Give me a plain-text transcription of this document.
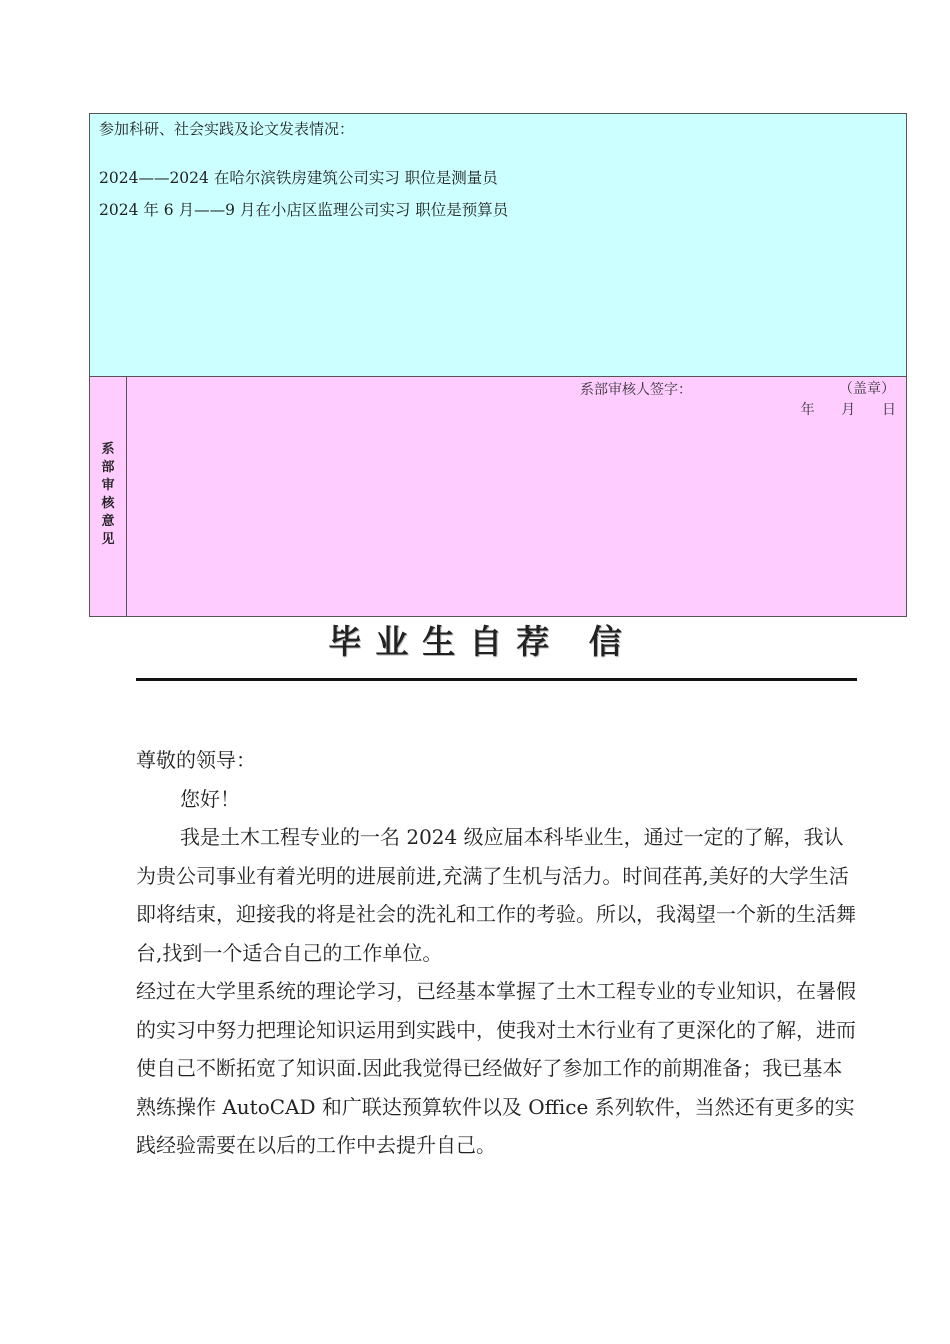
参加科研、社会实践及论文发表情况：
2024——2024 在哈尔滨铁房建筑公司实习 职位是测量员
2024 年 6 月——9 月在小店区监理公司实习 职位是预算员
系
部
审
核
意
见
系部审核人签字：	（盖章）
年      月      日
毕业生自荐 信

尊敬的领导：

您好！

我是土木工程专业的一名 2024 级应届本科毕业生，通过一定的了解，我认为贵公司事业有着光明的进展前进,充满了生机与活力。时间荏苒,美好的大学生活即将结束，迎接我的将是社会的洗礼和工作的考验。所以，我渴望一个新的生活舞台,找到一个适合自己的工作单位。

经过在大学里系统的理论学习，已经基本掌握了土木工程专业的专业知识，在暑假的实习中努力把理论知识运用到实践中，使我对土木行业有了更深化的了解，进而使自己不断拓宽了知识面.因此我觉得已经做好了参加工作的前期准备；我已基本熟练操作 AutoCAD 和广联达预算软件以及 Office 系列软件，当然还有更多的实践经验需要在以后的工作中去提升自己。
